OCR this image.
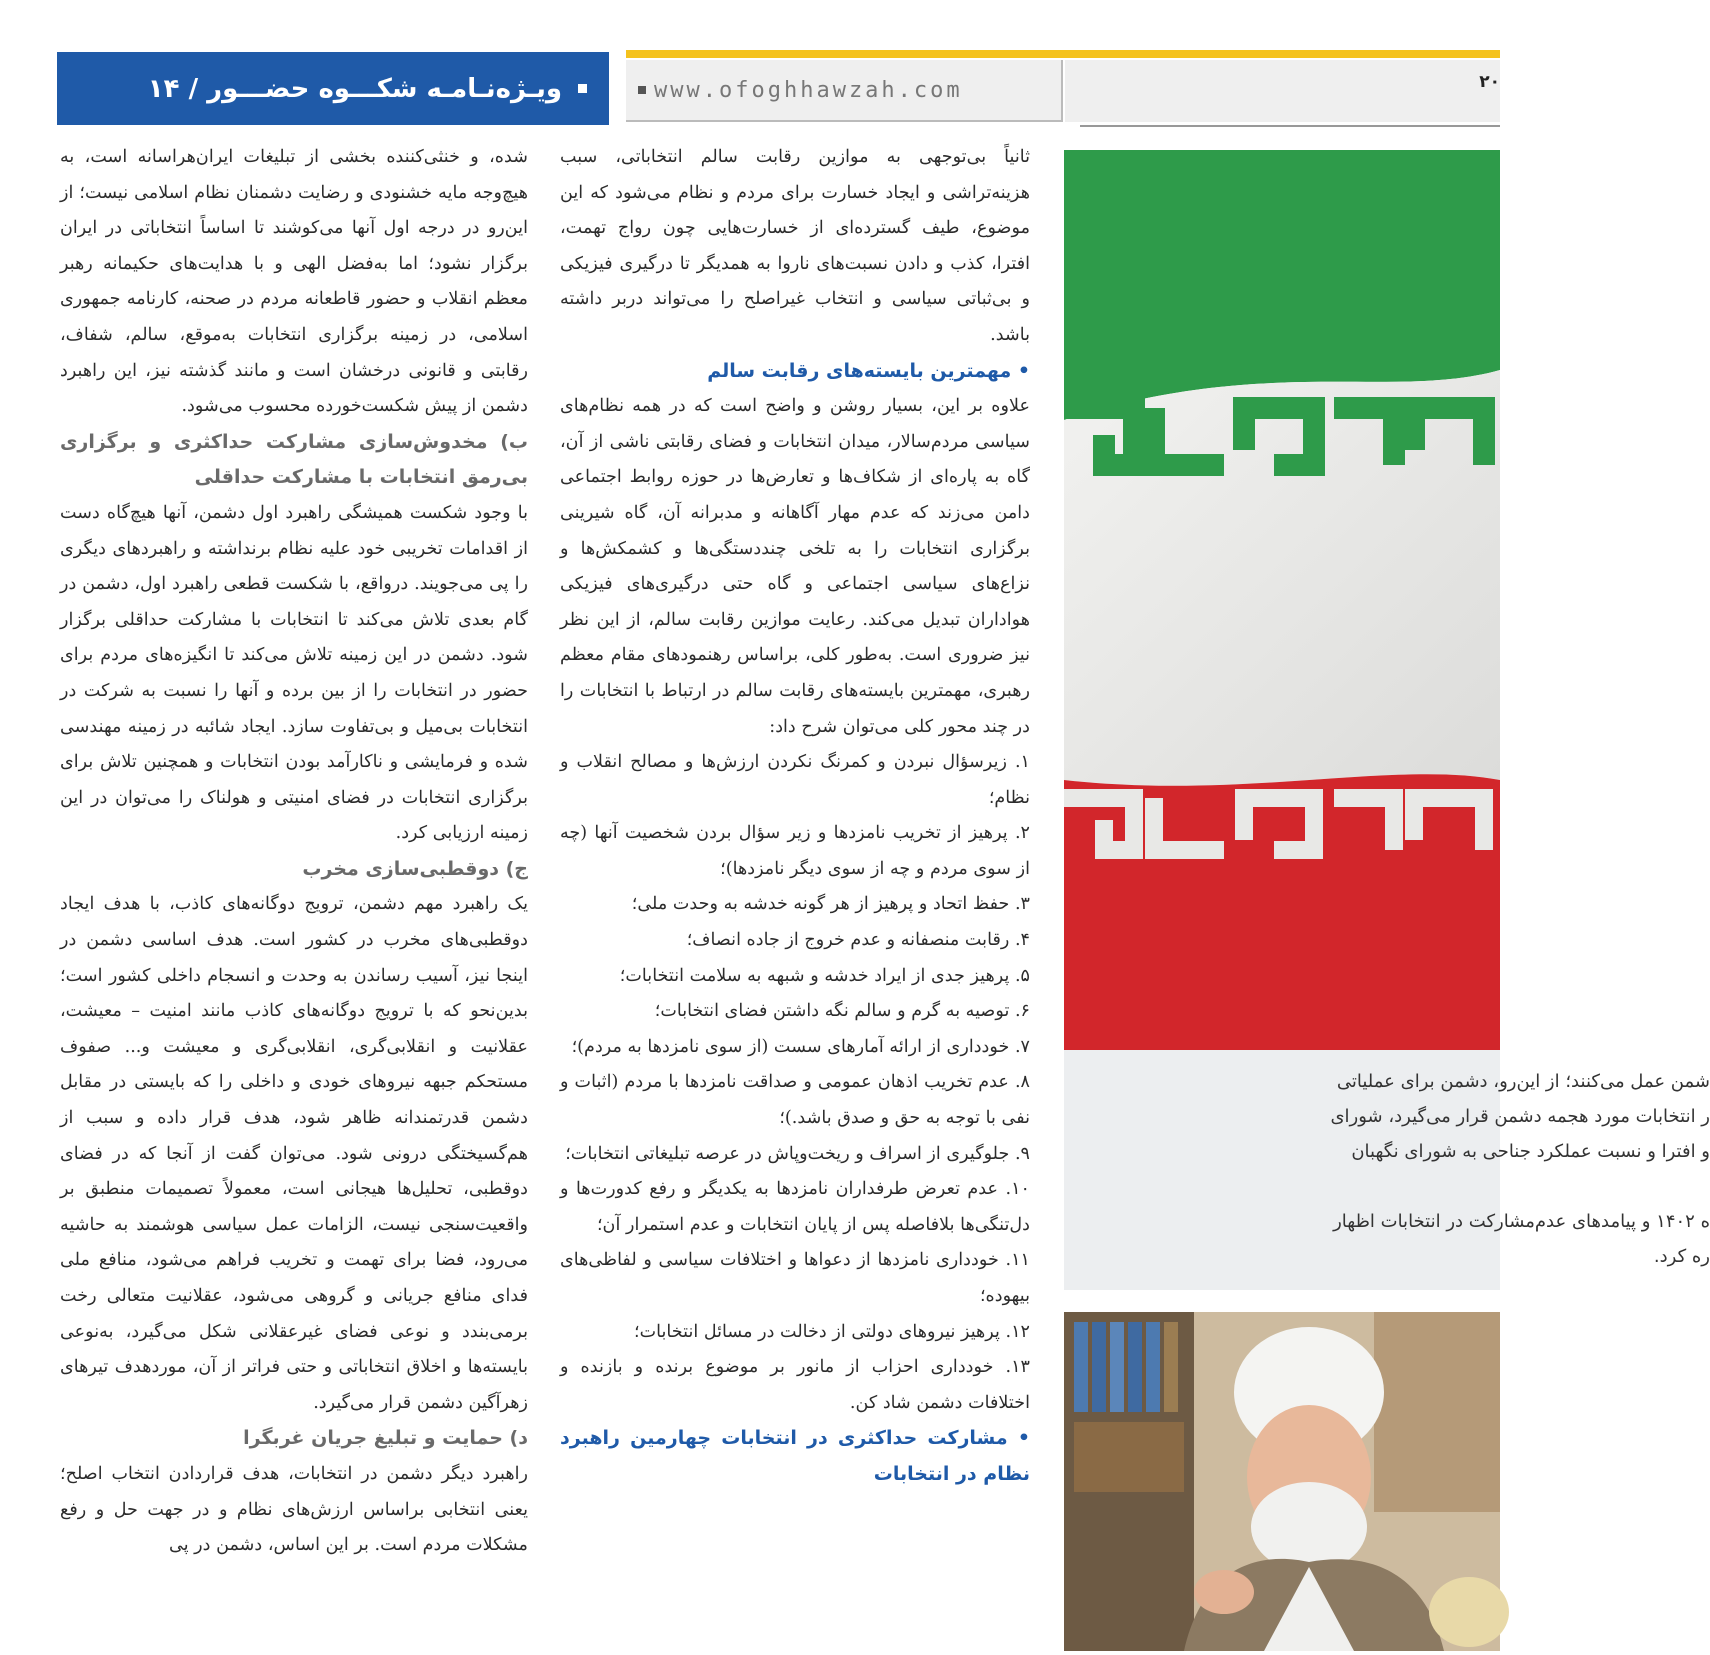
ویـژه‌نـامـه شکـــوه حضـــور / ۱۴	www.ofoghhawzah.com	۲۰

ثانیاً بی‌توجهی به موازین رقابت سالم انتخاباتی، سبب هزینه‌تراشی و ایجاد خسارت برای مردم و نظام می‌شود که این موضوع، طیف گسترده‌ای از خسارت‌هایی چون رواج تهمت، افترا، کذب و دادن نسبت‌های ناروا به همدیگر تا درگیری فیزیکی و بی‌ثباتی سیاسی و انتخاب غیراصلح را می‌تواند دربر داشته باشد.

• مهمترین بایسته‌های رقابت سالم

علاوه بر این، بسیار روشن و واضح است که در همه نظام‌های سیاسی مردم‌سالار، میدان انتخابات و فضای رقابتی ناشی از آن، گاه به پاره‌ای از شکاف‌ها و تعارض‌ها در حوزه روابط اجتماعی دامن می‌زند که عدم مهار آگاهانه و مدبرانه آن، گاه شیرینی برگزاری انتخابات را به تلخی چنددستگی‌ها و کشمکش‌ها و نزاع‌های سیاسی اجتماعی و گاه حتی درگیری‌های فیزیکی هواداران تبدیل می‌کند. رعایت موازین رقابت سالم، از این نظر نیز ضروری است. به‌طور کلی، براساس رهنمودهای مقام معظم رهبری، مهمترین بایسته‌های رقابت سالم در ارتباط با انتخابات را در چند محور کلی می‌توان شرح داد:

۱. زیرسؤال نبردن و کمرنگ نکردن ارزش‌ها و مصالح انقلاب و نظام؛

۲. پرهیز از تخریب نامزدها و زیر سؤال بردن شخصیت آنها (چه از سوی مردم و چه از سوی دیگر نامزدها)؛

۳. حفظ اتحاد و پرهیز از هر گونه خدشه به وحدت ملی؛

۴. رقابت منصفانه و عدم خروج از جاده انصاف؛

۵. پرهیز جدی از ایراد خدشه و شبهه به سلامت انتخابات؛

۶. توصیه به گرم و سالم نگه داشتن فضای انتخابات؛

۷. خودداری از ارائه آمارهای سست (از سوی نامزدها به مردم)؛

۸. عدم تخریب اذهان عمومی و صداقت نامزدها با مردم (اثبات و نفی با توجه به حق و صدق باشد.)؛

۹. جلوگیری از اسراف و ریخت‌وپاش در عرصه تبلیغاتی انتخابات؛

۱۰. عدم تعرض طرفداران نامزدها به یکدیگر و رفع کدورت‌ها و دل‌تنگی‌ها بلافاصله پس از پایان انتخابات و عدم استمرار آن؛

۱۱. خودداری نامزدها از دعواها و اختلافات سیاسی و لفاظی‌های بیهوده؛

۱۲. پرهیز نیروهای دولتی از دخالت در مسائل انتخابات؛

۱۳. خودداری احزاب از مانور بر موضوع برنده و بازنده و اختلافات دشمن شاد کن.

• مشارکت حداکثری در انتخابات چهارمین راهبرد نظام در انتخابات

شده، و خنثی‌کننده بخشی از تبلیغات ایران‌هراسانه است، به هیچ‌وجه مایه خشنودی و رضایت دشمنان نظام اسلامی نیست؛ از این‌رو در درجه اول آنها می‌کوشند تا اساساً انتخاباتی در ایران برگزار نشود؛ اما به‌فضل الهی و با هدایت‌های حکیمانه رهبر معظم انقلاب و حضور قاطعانه مردم در صحنه، کارنامه جمهوری اسلامی، در زمینه برگزاری انتخابات به‌موقع، سالم، شفاف، رقابتی و قانونی درخشان است و مانند گذشته نیز، این راهبرد دشمن از پیش شکست‌خورده محسوب می‌شود.

ب) مخدوش‌سازی مشارکت حداکثری و برگزاری بی‌رمق انتخابات با مشارکت حداقلی

با وجود شکست همیشگی راهبرد اول دشمن، آنها هیچ‌گاه دست از اقدامات تخریبی خود علیه نظام برنداشته و راهبردهای دیگری را پی می‌جویند. درواقع، با شکست قطعی راهبرد اول، دشمن در گام بعدی تلاش می‌کند تا انتخابات با مشارکت حداقلی برگزار شود. دشمن در این زمینه تلاش می‌کند تا انگیزه‌های مردم برای حضور در انتخابات را از بین برده و آنها را نسبت به شرکت در انتخابات بی‌میل و بی‌تفاوت سازد. ایجاد شائبه در زمینه مهندسی شده و فرمایشی و ناکارآمد بودن انتخابات و همچنین تلاش برای برگزاری انتخابات در فضای امنیتی و هولناک را می‌توان در این زمینه ارزیابی کرد.

ج) دوقطبی‌سازی مخرب

یک راهبرد مهم دشمن، ترویج دوگانه‌های کاذب، با هدف ایجاد دوقطبی‌های مخرب در کشور است. هدف اساسی دشمن در اینجا نیز، آسیب رساندن به وحدت و انسجام داخلی کشور است؛ بدین‌نحو که با ترویج دوگانه‌های کاذب مانند امنیت – معیشت، عقلانیت و انقلابی‌گری، انقلابی‌گری و معیشت و... صفوف مستحکم جبهه نیروهای خودی و داخلی را که بایستی در مقابل دشمن قدرتمندانه ظاهر شود، هدف قرار داده و سبب از هم‌گسیختگی درونی شود. می‌توان گفت از آنجا که در فضای دوقطبی، تحلیل‌ها هیجانی است، معمولاً تصمیمات منطبق بر واقعیت‌سنجی نیست، الزامات عمل سیاسی هوشمند به حاشیه می‌رود، فضا برای تهمت و تخریب فراهم می‌شود، منافع ملی فدای منافع جریانی و گروهی می‌شود، عقلانیت متعالی رخت برمی‌بندد و نوعی فضای غیرعقلانی شکل می‌گیرد، به‌نوعی بایسته‌ها و اخلاق انتخاباتی و حتی فراتر از آن، موردهدف تیرهای زهرآگین دشمن قرار می‌گیرد.

د) حمایت و تبلیغ جریان غربگرا

راهبرد دیگر دشمن در انتخابات، هدف قراردادن انتخاب اصلح؛ یعنی انتخابی براساس ارزش‌های نظام و در جهت حل و رفع مشکلات مردم است. بر این اساس، دشمن در پی

شمن عمل می‌کنند؛ از این‌رو، دشمن برای عملیاتی

ر انتخابات مورد هجمه دشمن قرار می‌گیرد، شورای

و افترا و نسبت عملکرد جناحی به شورای نگهبان

ه ۱۴۰۲ و پیامدهای عدم‌مشارکت در انتخابات اظهار

ره کرد.
